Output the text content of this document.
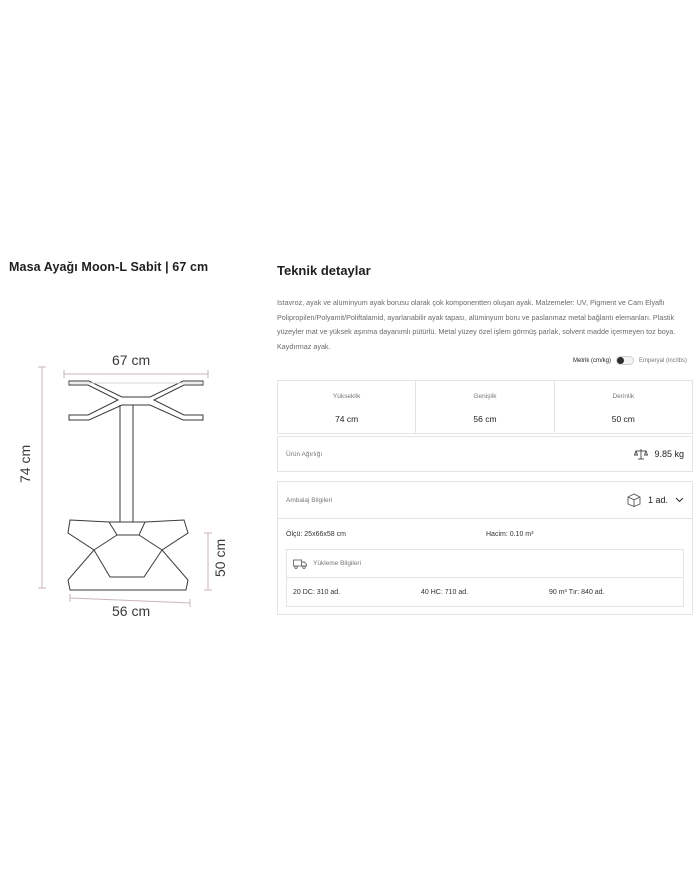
Masa Ayağı Moon-L Sabit | 67 cm
67 cm
74 cm
50 cm
56 cm
Teknik detaylar

Istavroz, ayak ve alüminyum ayak borusu olarak çok komponentten oluşan ayak. Malzemeler: UV, Pigment ve Cam Elyaflı Polipropilen/Polyamit/Poliftalamid, ayarlanabilir ayak tapası, alüminyum boru ve paslanmaz metal bağlantı elemanları. Plastik yüzeyler mat ve yüksek aşınma dayanımlı pütürlü. Metal yüzey özel işlem görmüş parlak, solvent madde içermeyen toz boya. Kaydırmaz ayak.

Metrik (cm/kg)	Emperyal (inc/lbs)
Yükseklik
74 cm
Genişlik
56 cm
Derinlik
50 cm
Ürün Ağırlığı	9.85 kg
Ambalaj Bilgileri	1 ad.
Ölçü: 25x66x58 cm	Hacim: 0.10 m³
Yükleme Bilgileri
20 DC: 310 ad.	40 HC: 710 ad.	90 m³ Tır: 840 ad.
